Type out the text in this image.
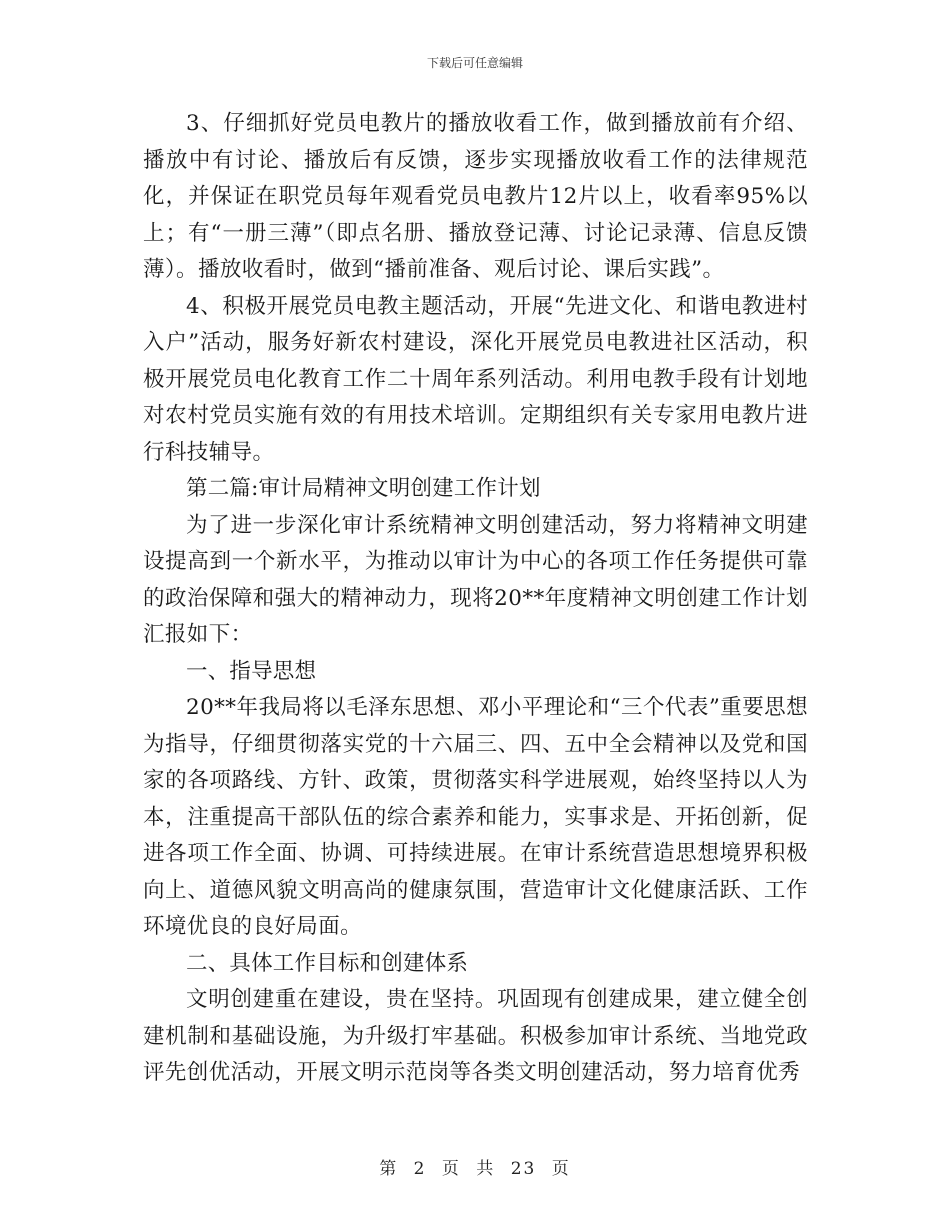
下载后可任意编辑

3、仔细抓好党员电教片的播放收看工作，做到播放前有介绍、播放中有讨论、播放后有反馈，逐步实现播放收看工作的法律规范化，并保证在职党员每年观看党员电教片12片以上，收看率95%以上；有“一册三薄”（即点名册、播放登记薄、讨论记录薄、信息反馈薄）。播放收看时，做到“播前准备、观后讨论、课后实践”。

4、积极开展党员电教主题活动，开展“先进文化、和谐电教进村入户”活动，服务好新农村建设，深化开展党员电教进社区活动，积极开展党员电化教育工作二十周年系列活动。利用电教手段有计划地对农村党员实施有效的有用技术培训。定期组织有关专家用电教片进行科技辅导。

第二篇:审计局精神文明创建工作计划

为了进一步深化审计系统精神文明创建活动，努力将精神文明建设提高到一个新水平，为推动以审计为中心的各项工作任务提供可靠的政治保障和强大的精神动力，现将20**年度精神文明创建工作计划汇报如下：

一、指导思想

20**年我局将以毛泽东思想、邓小平理论和“三个代表”重要思想为指导，仔细贯彻落实党的十六届三、四、五中全会精神以及党和国家的各项路线、方针、政策，贯彻落实科学进展观，始终坚持以人为本，注重提高干部队伍的综合素养和能力，实事求是、开拓创新，促进各项工作全面、协调、可持续进展。在审计系统营造思想境界积极向上、道德风貌文明高尚的健康氛围，营造审计文化健康活跃、工作环境优良的良好局面。

二、具体工作目标和创建体系

文明创建重在建设，贵在坚持。巩固现有创建成果，建立健全创建机制和基础设施，为升级打牢基础。积极参加审计系统、当地党政评先创优活动，开展文明示范岗等各类文明创建活动，努力培育优秀

第 2 页 共 23 页
